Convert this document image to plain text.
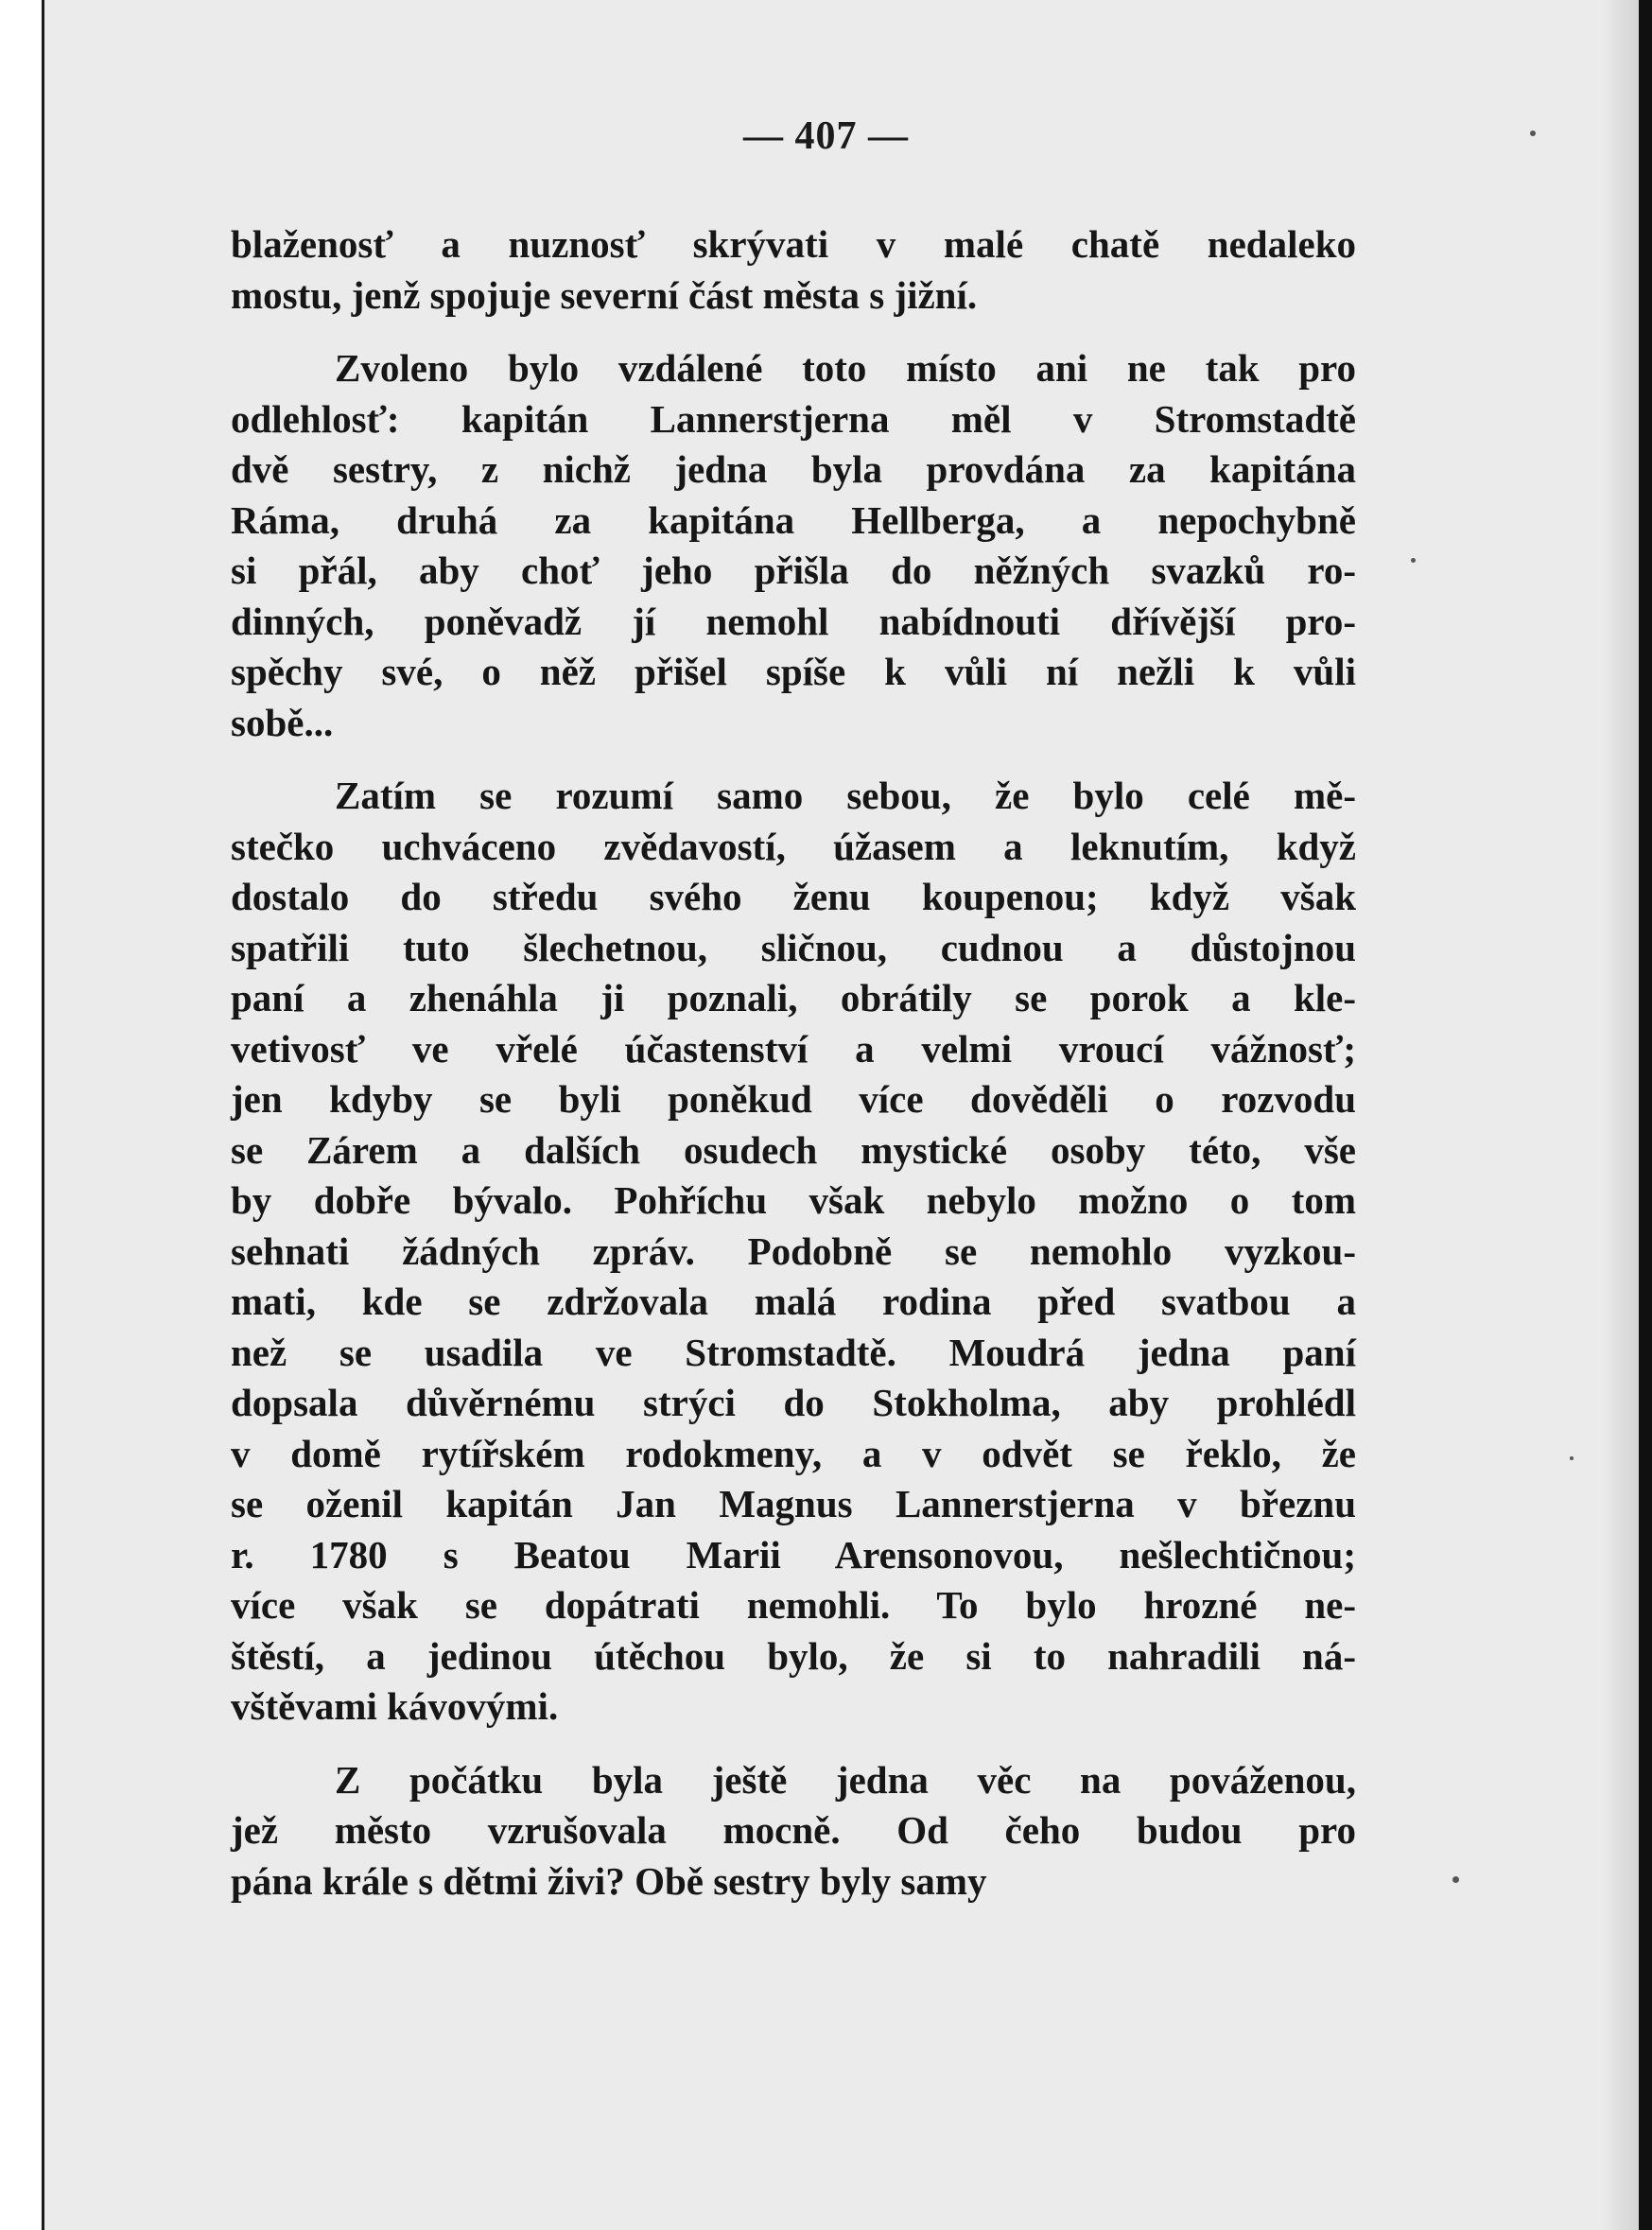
— 407 —
blaženosť a nuznosť skrývati v malé chatě nedaleko
mostu, jenž spojuje severní část města s jižní.
Zvoleno bylo vzdálené toto místo ani ne tak pro
odlehlosť: kapitán Lannerstjerna měl v Stromstadtě
dvě sestry, z nichž jedna byla provdána za kapitána
Ráma, druhá za kapitána Hellberga, a nepochybně
si přál, aby choť jeho přišla do něžných svazků ro-
dinných, poněvadž jí nemohl nabídnouti dřívější pro-
spěchy své, o něž přišel spíše k vůli ní nežli k vůli
sobě...
Zatím se rozumí samo sebou, že bylo celé mě-
stečko uchváceno zvědavostí, úžasem a leknutím, když
dostalo do středu svého ženu koupenou; když však
spatřili tuto šlechetnou, sličnou, cudnou a důstojnou
paní a zhenáhla ji poznali, obrátily se porok a kle-
vetivosť ve vřelé účastenství a velmi vroucí vážnosť;
jen kdyby se byli poněkud více dověděli o rozvodu
se Zárem a dalších osudech mystické osoby této, vše
by dobře bývalo. Pohříchu však nebylo možno o tom
sehnati žádných zpráv. Podobně se nemohlo vyzkou-
mati, kde se zdržovala malá rodina před svatbou a
než se usadila ve Stromstadtě. Moudrá jedna paní
dopsala důvěrnému strýci do Stokholma, aby prohlédl
v domě rytířském rodokmeny, a v odvět se řeklo, že
se oženil kapitán Jan Magnus Lannerstjerna v březnu
r. 1780 s Beatou Marii Arensonovou, nešlechtičnou;
více však se dopátrati nemohli. To bylo hrozné ne-
štěstí, a jedinou útěchou bylo, že si to nahradili ná-
vštěvami kávovými.
Z počátku byla ještě jedna věc na pováženou,
jež město vzrušovala mocně. Od čeho budou pro
pána krále s dětmi živi? Obě sestry byly samy
